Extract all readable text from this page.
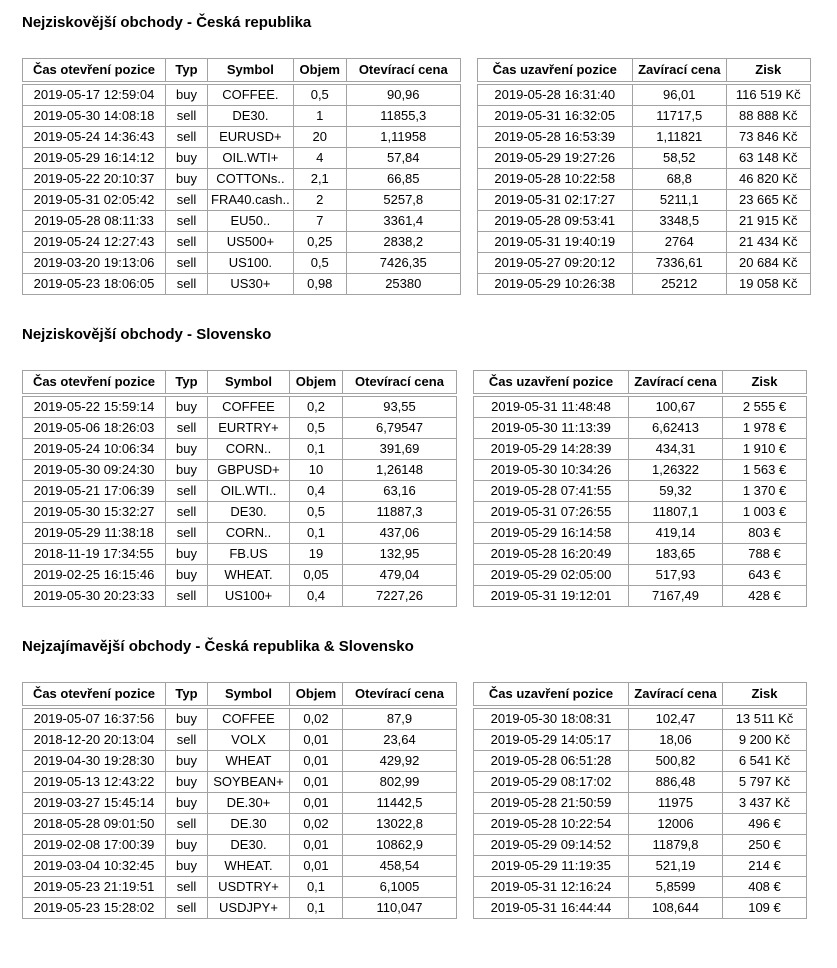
Nejziskovější obchody - Česká republika
Čas otevření pozice	Typ	Symbol	Objem	Otevírací cena

2019-05-17 12:59:04	buy	COFFEE.	0,5	90,96
2019-05-30 14:08:18	sell	DE30.	1	11855,3
2019-05-24 14:36:43	sell	EURUSD+	20	1,11958
2019-05-29 16:14:12	buy	OIL.WTI+	4	57,84
2019-05-22 20:10:37	buy	COTTONs..	2,1	66,85
2019-05-31 02:05:42	sell	FRA40.cash..	2	5257,8
2019-05-28 08:11:33	sell	EU50..	7	3361,4
2019-05-24 12:27:43	sell	US500+	0,25	2838,2
2019-03-20 19:13:06	sell	US100.	0,5	7426,35
2019-05-23 18:06:05	sell	US30+	0,98	25380
Čas uzavření pozice	Zavírací cena	Zisk

2019-05-28 16:31:40	96,01	116 519 Kč
2019-05-31 16:32:05	11717,5	88 888 Kč
2019-05-28 16:53:39	1,11821	73 846 Kč
2019-05-29 19:27:26	58,52	63 148 Kč
2019-05-28 10:22:58	68,8	46 820 Kč
2019-05-31 02:17:27	5211,1	23 665 Kč
2019-05-28 09:53:41	3348,5	21 915 Kč
2019-05-31 19:40:19	2764	21 434 Kč
2019-05-27 09:20:12	7336,61	20 684 Kč
2019-05-29 10:26:38	25212	19 058 Kč
Nejziskovější obchody - Slovensko
Čas otevření pozice	Typ	Symbol	Objem	Otevírací cena

2019-05-22 15:59:14	buy	COFFEE	0,2	93,55
2019-05-06 18:26:03	sell	EURTRY+	0,5	6,79547
2019-05-24 10:06:34	buy	CORN..	0,1	391,69
2019-05-30 09:24:30	buy	GBPUSD+	10	1,26148
2019-05-21 17:06:39	sell	OIL.WTI..	0,4	63,16
2019-05-30 15:32:27	sell	DE30.	0,5	11887,3
2019-05-29 11:38:18	sell	CORN..	0,1	437,06
2018-11-19 17:34:55	buy	FB.US	19	132,95
2019-02-25 16:15:46	buy	WHEAT.	0,05	479,04
2019-05-30 20:23:33	sell	US100+	0,4	7227,26
Čas uzavření pozice	Zavírací cena	Zisk

2019-05-31 11:48:48	100,67	2 555 €
2019-05-30 11:13:39	6,62413	1 978 €
2019-05-29 14:28:39	434,31	1 910 €
2019-05-30 10:34:26	1,26322	1 563 €
2019-05-28 07:41:55	59,32	1 370 €
2019-05-31 07:26:55	11807,1	1 003 €
2019-05-29 16:14:58	419,14	803 €
2019-05-28 16:20:49	183,65	788 €
2019-05-29 02:05:00	517,93	643 €
2019-05-31 19:12:01	7167,49	428 €
Nejzajímavější obchody - Česká republika & Slovensko
Čas otevření pozice	Typ	Symbol	Objem	Otevírací cena

2019-05-07 16:37:56	buy	COFFEE	0,02	87,9
2018-12-20 20:13:04	sell	VOLX	0,01	23,64
2019-04-30 19:28:30	buy	WHEAT	0,01	429,92
2019-05-13 12:43:22	buy	SOYBEAN+	0,01	802,99
2019-03-27 15:45:14	buy	DE.30+	0,01	11442,5
2018-05-28 09:01:50	sell	DE.30	0,02	13022,8
2019-02-08 17:00:39	buy	DE30.	0,01	10862,9
2019-03-04 10:32:45	buy	WHEAT.	0,01	458,54
2019-05-23 21:19:51	sell	USDTRY+	0,1	6,1005
2019-05-23 15:28:02	sell	USDJPY+	0,1	110,047
Čas uzavření pozice	Zavírací cena	Zisk

2019-05-30 18:08:31	102,47	13 511 Kč
2019-05-29 14:05:17	18,06	9 200 Kč
2019-05-28 06:51:28	500,82	6 541 Kč
2019-05-29 08:17:02	886,48	5 797 Kč
2019-05-28 21:50:59	11975	3 437 Kč
2019-05-28 10:22:54	12006	496 €
2019-05-29 09:14:52	11879,8	250 €
2019-05-29 11:19:35	521,19	214 €
2019-05-31 12:16:24	5,8599	408 €
2019-05-31 16:44:44	108,644	109 €
